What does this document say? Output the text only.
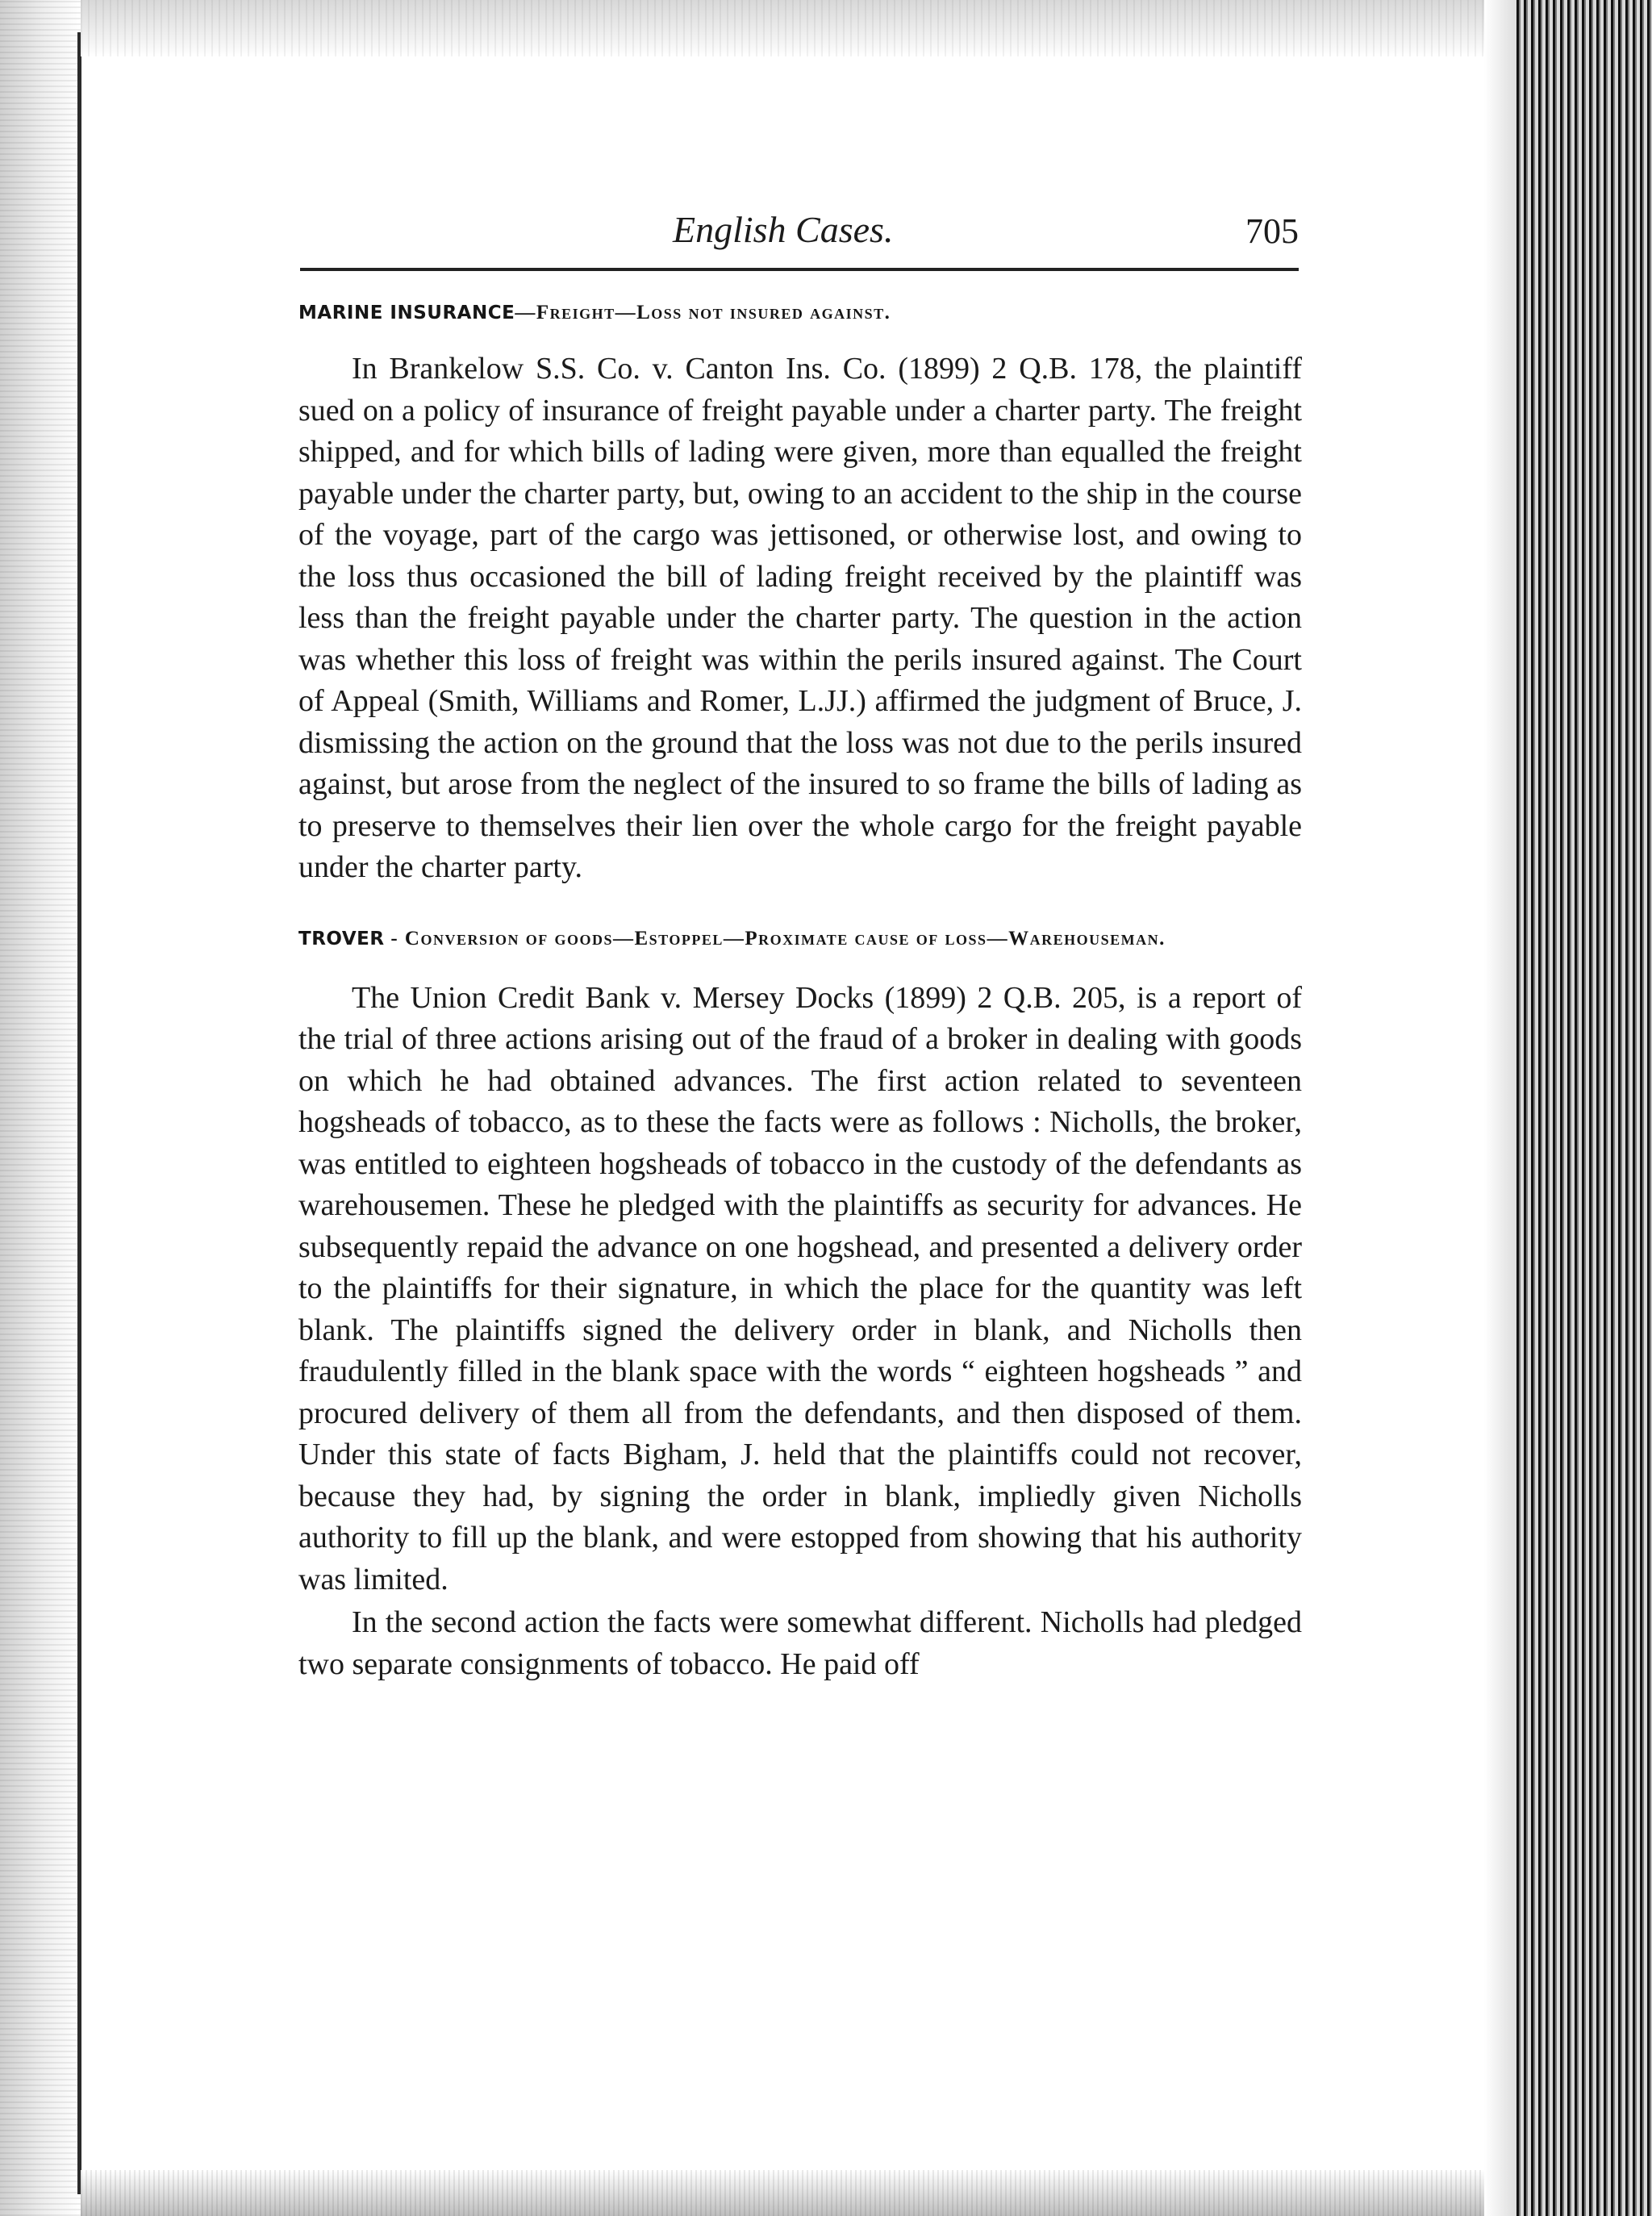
English Cases.	705

MARINE INSURANCE—Freight—Loss not insured against.

In Brankelow S.S. Co. v. Canton Ins. Co. (1899) 2 Q.B. 178, the plaintiff sued on a policy of insurance of freight payable under a charter party. The freight shipped, and for which bills of lading were given, more than equalled the freight payable under the charter party, but, owing to an accident to the ship in the course of the voyage, part of the cargo was jettisoned, or otherwise lost, and owing to the loss thus occasioned the bill of lading freight received by the plaintiff was less than the freight payable under the charter party. The question in the action was whether this loss of freight was within the perils insured against. The Court of Appeal (Smith, Williams and Romer, L.JJ.) affirmed the judgment of Bruce, J. dismissing the action on the ground that the loss was not due to the perils insured against, but arose from the neglect of the insured to so frame the bills of lading as to preserve to themselves their lien over the whole cargo for the freight payable under the charter party.

TROVER - Conversion of goods—Estoppel—Proximate cause of loss—Warehouseman.

The Union Credit Bank v. Mersey Docks (1899) 2 Q.B. 205, is a report of the trial of three actions arising out of the fraud of a broker in dealing with goods on which he had obtained advances. The first action related to seventeen hogsheads of tobacco, as to these the facts were as follows : Nicholls, the broker, was entitled to eighteen hogsheads of tobacco in the custody of the defendants as warehousemen. These he pledged with the plaintiffs as security for advances. He subsequently repaid the advance on one hogshead, and presented a delivery order to the plaintiffs for their signature, in which the place for the quantity was left blank. The plaintiffs signed the delivery order in blank, and Nicholls then fraudulently filled in the blank space with the words “ eighteen hogsheads ” and procured delivery of them all from the defendants, and then disposed of them. Under this state of facts Bigham, J. held that the plaintiffs could not recover, because they had, by signing the order in blank, impliedly given Nicholls authority to fill up the blank, and were estopped from showing that his authority was limited.

In the second action the facts were somewhat different. Nicholls had pledged two separate consignments of tobacco. He paid off
